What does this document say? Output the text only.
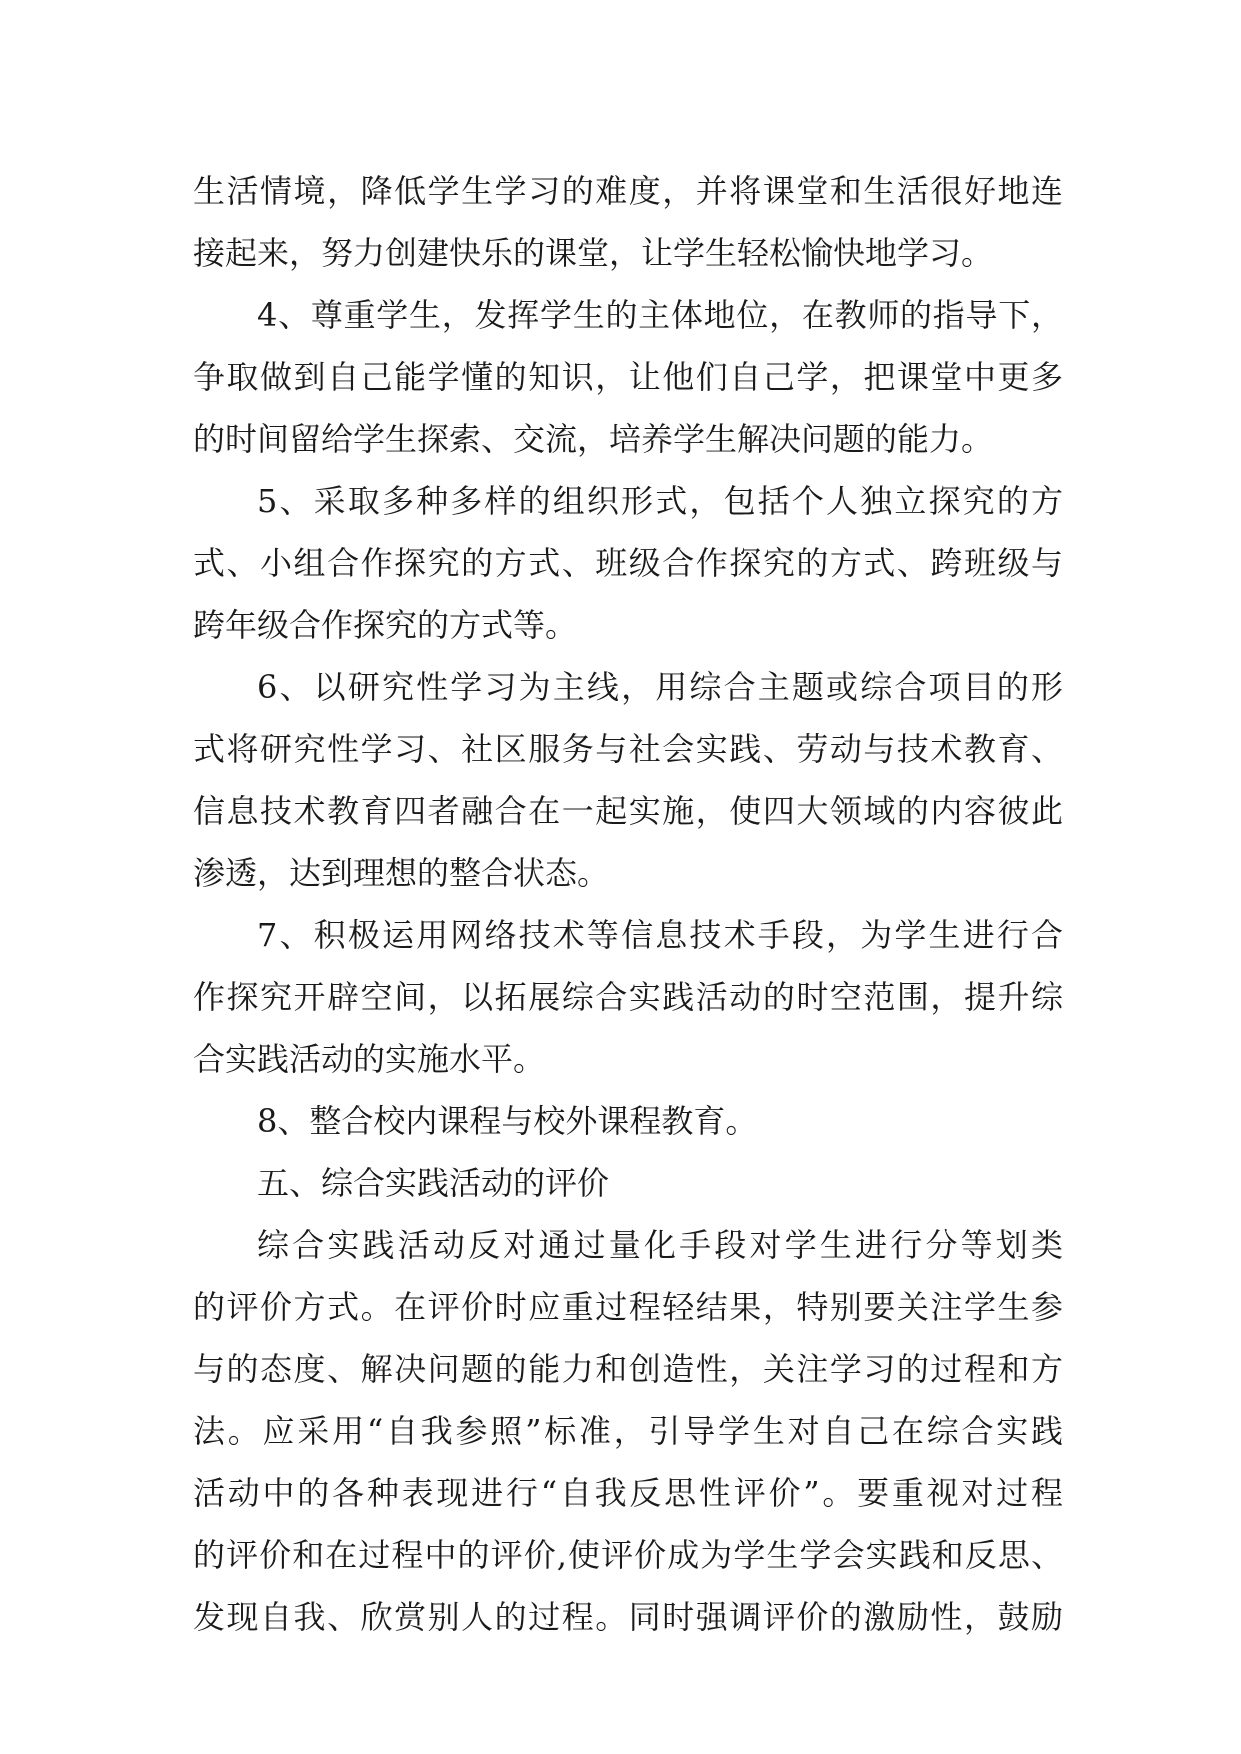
生活情境，降低学生学习的难度，并将课堂和生活很好地连
接起来，努力创建快乐的课堂，让学生轻松愉快地学习。
4、尊重学生，发挥学生的主体地位，在教师的指导下，
争取做到自己能学懂的知识，让他们自己学，把课堂中更多
的时间留给学生探索、交流，培养学生解决问题的能力。
5、采取多种多样的组织形式，包括个人独立探究的方
式、小组合作探究的方式、班级合作探究的方式、跨班级与
跨年级合作探究的方式等。
6、以研究性学习为主线，用综合主题或综合项目的形
式将研究性学习、社区服务与社会实践、劳动与技术教育、
信息技术教育四者融合在一起实施，使四大领域的内容彼此
渗透，达到理想的整合状态。
7、积极运用网络技术等信息技术手段，为学生进行合
作探究开辟空间，以拓展综合实践活动的时空范围，提升综
合实践活动的实施水平。
8、整合校内课程与校外课程教育。
五、综合实践活动的评价
综合实践活动反对通过量化手段对学生进行分等划类
的评价方式。在评价时应重过程轻结果，特别要关注学生参
与的态度、解决问题的能力和创造性，关注学习的过程和方
法。应采用“自我参照”标准，引导学生对自己在综合实践
活动中的各种表现进行“自我反思性评价”。要重视对过程
的评价和在过程中的评价,使评价成为学生学会实践和反思、
发现自我、欣赏别人的过程。同时强调评价的激励性，鼓励
